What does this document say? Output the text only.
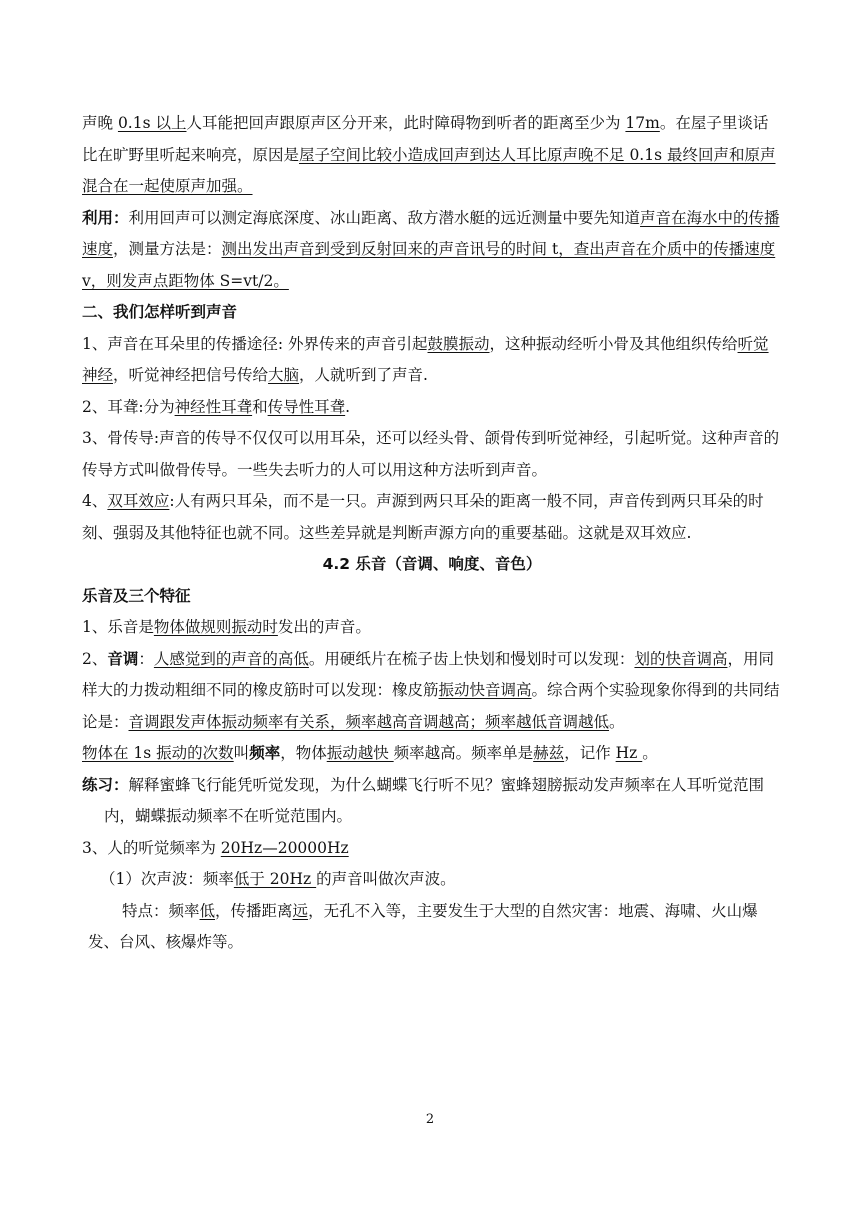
声晚 0.1s 以上人耳能把回声跟原声区分开来，此时障碍物到听者的距离至少为 17m。在屋子里谈话比在旷野里听起来响亮，原因是屋子空间比较小造成回声到达人耳比原声晚不足 0.1s 最终回声和原声混合在一起使原声加强。

利用：利用回声可以测定海底深度、冰山距离、敌方潜水艇的远近测量中要先知道声音在海水中的传播速度，测量方法是：测出发出声音到受到反射回来的声音讯号的时间 t，查出声音在介质中的传播速度 v，则发声点距物体 S=vt/2。

二、我们怎样听到声音

1、声音在耳朵里的传播途径: 外界传来的声音引起鼓膜振动，这种振动经听小骨及其他组织传给听觉神经，听觉神经把信号传给大脑，人就听到了声音.

2、耳聋:分为神经性耳聋和传导性耳聋.

3、骨传导:声音的传导不仅仅可以用耳朵，还可以经头骨、颌骨传到听觉神经，引起听觉。这种声音的传导方式叫做骨传导。一些失去听力的人可以用这种方法听到声音。

4、双耳效应:人有两只耳朵，而不是一只。声源到两只耳朵的距离一般不同，声音传到两只耳朵的时刻、强弱及其他特征也就不同。这些差异就是判断声源方向的重要基础。这就是双耳效应.

4.2 乐音（音调、响度、音色）

乐音及三个特征

1、乐音是物体做规则振动时发出的声音。

2、音调：人感觉到的声音的高低。用硬纸片在梳子齿上快划和慢划时可以发现：划的快音调高，用同样大的力拨动粗细不同的橡皮筋时可以发现：橡皮筋振动快音调高。综合两个实验现象你得到的共同结论是：音调跟发声体振动频率有关系，频率越高音调越高；频率越低音调越低。

物体在 1s 振动的次数叫频率，物体振动越快 频率越高。频率单是赫兹，记作 Hz 。

练习：解释蜜蜂飞行能凭听觉发现，为什么蝴蝶飞行听不见？蜜蜂翅膀振动发声频率在人耳听觉范围内，蝴蝶振动频率不在听觉范围内。

3、人的听觉频率为 20Hz—20000Hz

（1）次声波：频率低于 20Hz 的声音叫做次声波。

特点：频率低，传播距离远，无孔不入等，主要发生于大型的自然灾害：地震、海啸、火山爆发、台风、核爆炸等。

2
